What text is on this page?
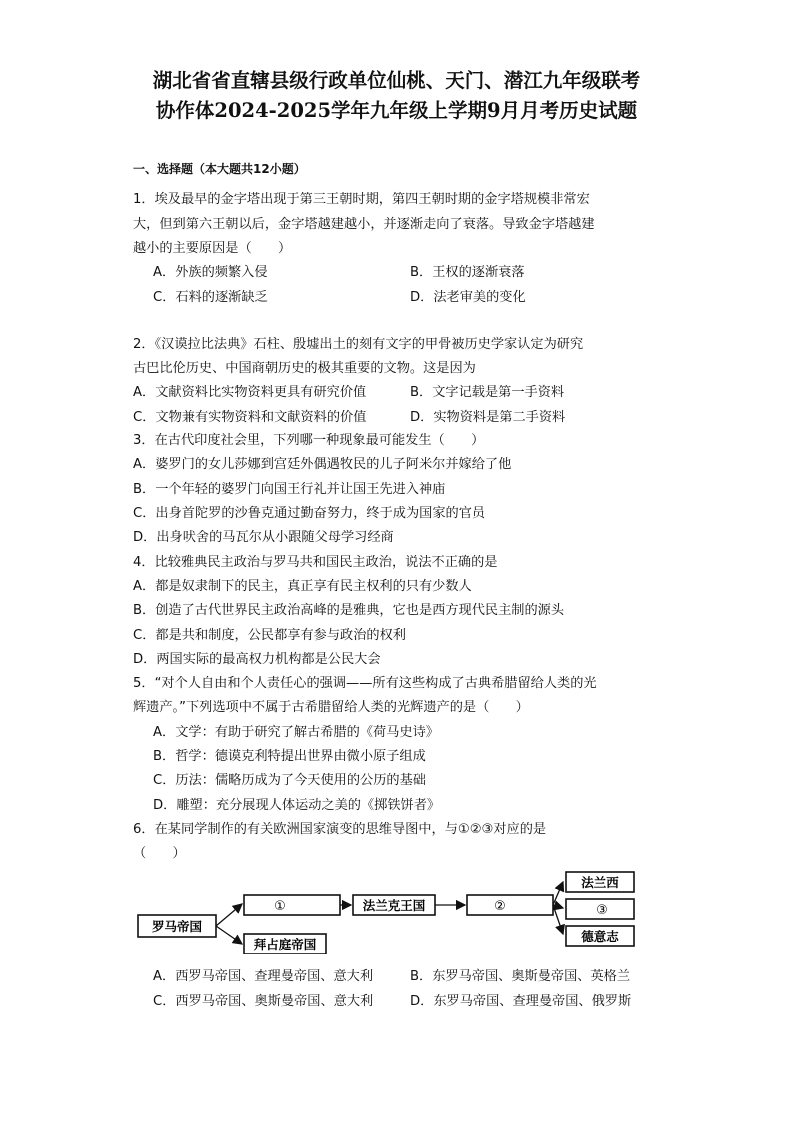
湖北省省直辖县级行政单位仙桃、天门、潜江九年级联考
协作体2024-2025学年九年级上学期9月月考历史试题
一、选择题（本大题共12小题）
1．埃及最早的金字塔出现于第三王朝时期，第四王朝时期的金字塔规模非常宏
大，但到第六王朝以后，金字塔越建越小，并逐渐走向了衰落。导致金字塔越建
越小的主要原因是（　　）
A．外族的频繁入侵	B．王权的逐渐衰落
C．石料的逐渐缺乏	D．法老审美的变化
2．《汉谟拉比法典》石柱、殷墟出土的刻有文字的甲骨被历史学家认定为研究
古巴比伦历史、中国商朝历史的极其重要的文物。这是因为
A．文献资料比实物资料更具有研究价值	B．文字记载是第一手资料
C．文物兼有实物资料和文献资料的价值	D．实物资料是第二手资料
3．在古代印度社会里，下列哪一种现象最可能发生（　　）
A．婆罗门的女儿莎娜到宫廷外偶遇牧民的儿子阿米尔并嫁给了他
B．一个年轻的婆罗门向国王行礼并让国王先进入神庙
C．出身首陀罗的沙鲁克通过勤奋努力，终于成为国家的官员
D．出身吠舍的马瓦尔从小跟随父母学习经商
4．比较雅典民主政治与罗马共和国民主政治，说法不正确的是
A．都是奴隶制下的民主，真正享有民主权利的只有少数人
B．创造了古代世界民主政治高峰的是雅典，它也是西方现代民主制的源头
C．都是共和制度，公民都享有参与政治的权利
D．两国实际的最高权力机构都是公民大会
5．“对个人自由和个人责任心的强调——所有这些构成了古典希腊留给人类的光
辉遗产。”下列选项中不属于古希腊留给人类的光辉遗产的是（　　）
A．文学：有助于研究了解古希腊的《荷马史诗》
B．哲学：德谟克利特提出世界由微小原子组成
C．历法：儒略历成为了今天使用的公历的基础
D．雕塑：充分展现人体运动之美的《掷铁饼者》
6．在某同学制作的有关欧洲国家演变的思维导图中，与①②③对应的是
（　　）
罗马帝国
①
拜占庭帝国
法兰克王国	②
法兰西
③
德意志
A．西罗马帝国、查理曼帝国、意大利	B．东罗马帝国、奥斯曼帝国、英格兰
C．西罗马帝国、奥斯曼帝国、意大利	D．东罗马帝国、查理曼帝国、俄罗斯
